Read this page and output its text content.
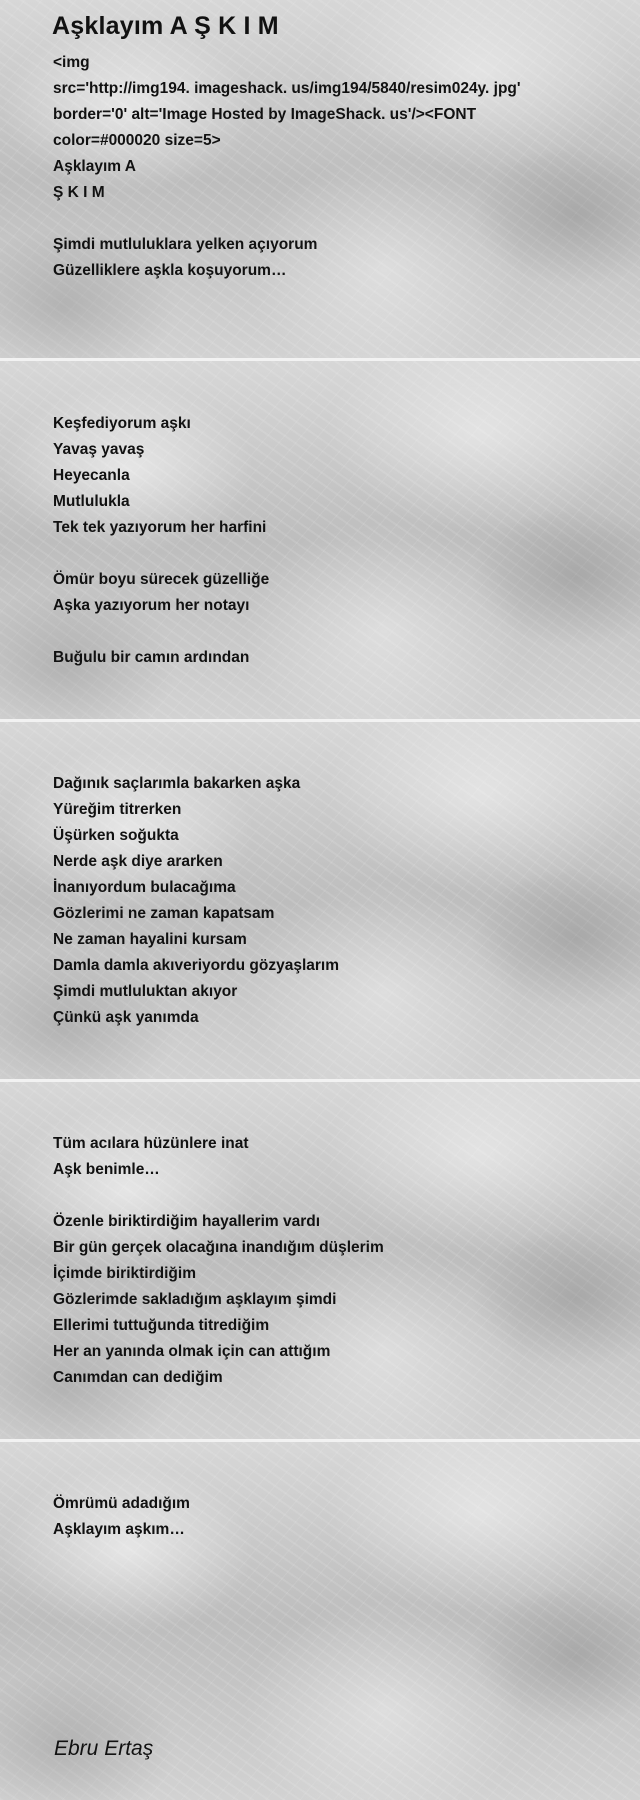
Aşklayım A Ş K I M
<img
src='http://img194. imageshack. us/img194/5840/resim024y. jpg'
border='0' alt='Image Hosted by ImageShack. us'/><FONT
color=#000020 size=5>
Aşklayım A
Ş K I M
Şimdi mutluluklara yelken açıyorum
Güzelliklere aşkla koşuyorum…
Keşfediyorum aşkı
Yavaş yavaş
Heyecanla
Mutlulukla
Tek tek yazıyorum her harfini
Ömür boyu sürecek güzelliğe
Aşka yazıyorum her notayı
Buğulu bir camın ardından
Dağınık saçlarımla bakarken aşka
Yüreğim titrerken
Üşürken soğukta
Nerde aşk diye ararken
İnanıyordum bulacağıma
Gözlerimi ne zaman kapatsam
Ne zaman hayalini kursam
Damla damla akıveriyordu gözyaşlarım
Şimdi mutluluktan akıyor
Çünkü aşk yanımda
Tüm acılara hüzünlere inat
Aşk benimle…
Özenle biriktirdiğim hayallerim vardı
Bir gün gerçek olacağına inandığım düşlerim
İçimde biriktirdiğim
Gözlerimde sakladığım aşklayım şimdi
Ellerimi tuttuğunda titrediğim
Her an yanında olmak için can attığım
Canımdan can dediğim
Ömrümü adadığım
Aşklayım aşkım…
Ebru Ertaş
